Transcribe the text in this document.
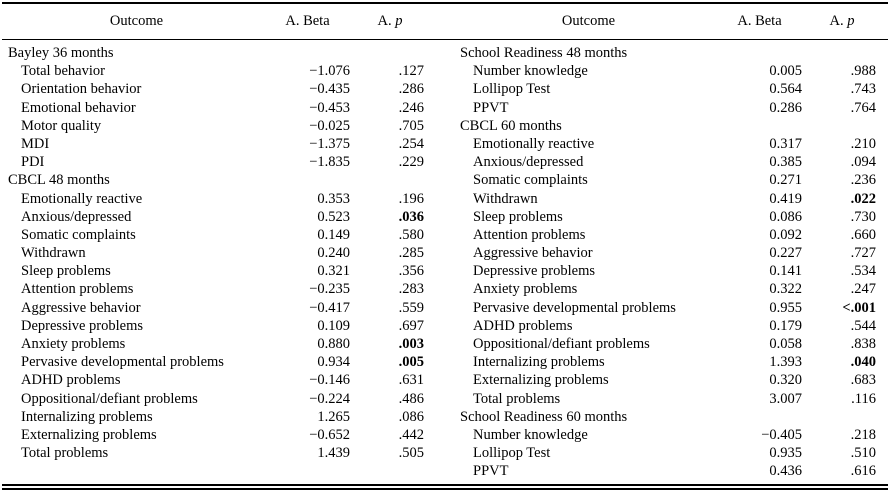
Outcome	A. Beta	A. p	Outcome	A. Beta	A. p
Bayley 36 months
Total behavior	−1.076	.127
Orientation behavior	−0.435	.286
Emotional behavior	−0.453	.246
Motor quality	−0.025	.705
MDI	−1.375	.254
PDI	−1.835	.229
CBCL 48 months
Emotionally reactive	0.353	.196
Anxious/depressed	0.523	.036
Somatic complaints	0.149	.580
Withdrawn	0.240	.285
Sleep problems	0.321	.356
Attention problems	−0.235	.283
Aggressive behavior	−0.417	.559
Depressive problems	0.109	.697
Anxiety problems	0.880	.003
Pervasive developmental problems	0.934	.005
ADHD problems	−0.146	.631
Oppositional/defiant problems	−0.224	.486
Internalizing problems	1.265	.086
Externalizing problems	−0.652	.442
Total problems	1.439	.505
School Readiness 48 months
Number knowledge	0.005	.988
Lollipop Test	0.564	.743
PPVT	0.286	.764
CBCL 60 months
Emotionally reactive	0.317	.210
Anxious/depressed	0.385	.094
Somatic complaints	0.271	.236
Withdrawn	0.419	.022
Sleep problems	0.086	.730
Attention problems	0.092	.660
Aggressive behavior	0.227	.727
Depressive problems	0.141	.534
Anxiety problems	0.322	.247
Pervasive developmental problems	0.955	<.001
ADHD problems	0.179	.544
Oppositional/defiant problems	0.058	.838
Internalizing problems	1.393	.040
Externalizing problems	0.320	.683
Total problems	3.007	.116
School Readiness 60 months
Number knowledge	−0.405	.218
Lollipop Test	0.935	.510
PPVT	0.436	.616
